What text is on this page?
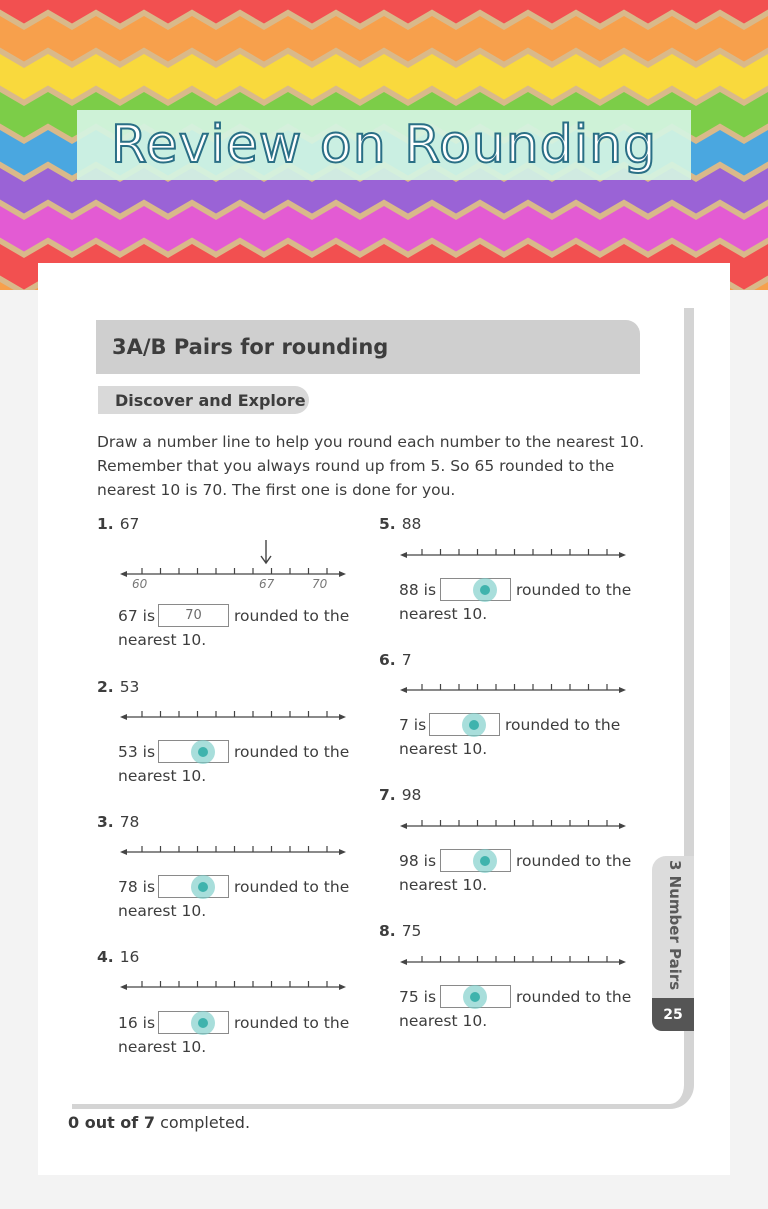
Review on Rounding
3A/B Pairs for rounding
Discover and Explore
Draw a number line to help you round each number to the nearest 10.
Remember that you always round up from 5. So 65 rounded to the
nearest 10 is 70. The first one is done for you.
1. 67
60	67	70
67 is 70 rounded to the
nearest 10.
2. 53
53 is	rounded to the
nearest 10.
3. 78
78 is	rounded to the
nearest 10.
4. 16
16 is	rounded to the
nearest 10.
5. 88
88 is	rounded to the
nearest 10.
6. 7
7 is	rounded to the
nearest 10.
7. 98
98 is	rounded to the
nearest 10.
8. 75
75 is	rounded to the
nearest 10.
3 Number Pairs
25
0 out of 7 completed.
